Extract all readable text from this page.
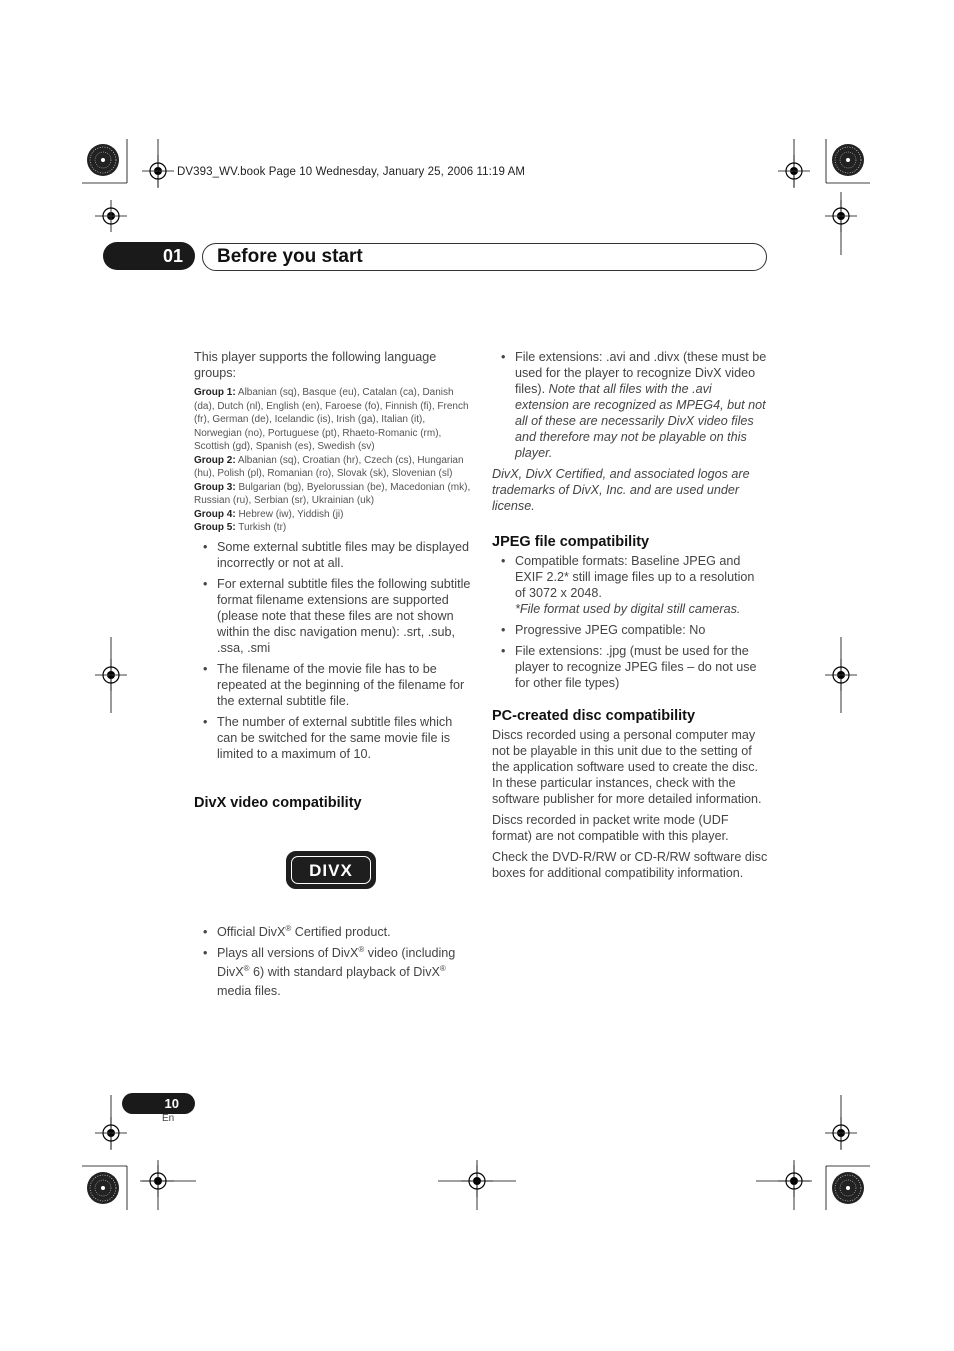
DV393_WV.book Page 10 Wednesday, January 25, 2006 11:19 AM
01	Before you start

This player supports the following language groups:

Group 1: Albanian (sq), Basque (eu), Catalan (ca), Danish (da), Dutch (nl), English (en), Faroese (fo), Finnish (fi), French (fr), German (de), Icelandic (is), Irish (ga), Italian (it), Norwegian (no), Portuguese (pt), Rhaeto-Romanic (rm), Scottish (gd), Spanish (es), Swedish (sv)
Group 2: Albanian (sq), Croatian (hr), Czech (cs), Hungarian (hu), Polish (pl), Romanian (ro), Slovak (sk), Slovenian (sl)
Group 3: Bulgarian (bg), Byelorussian (be), Macedonian (mk), Russian (ru), Serbian (sr), Ukrainian (uk)
Group 4: Hebrew (iw), Yiddish (ji)
Group 5: Turkish (tr)
• Some external subtitle files may be displayed incorrectly or not at all.
• For external subtitle files the following subtitle format filename extensions are supported (please note that these files are not shown within the disc navigation menu): .srt, .sub, .ssa, .smi
• The filename of the movie file has to be repeated at the beginning of the filename for the external subtitle file.
• The number of external subtitle files which can be switched for the same movie file is limited to a maximum of 10.
DivX video compatibility
DIVX
• Official DivX® Certified product.
• Plays all versions of DivX® video (including DivX® 6) with standard playback of DivX® media files.
• File extensions: .avi and .divx (these must be used for the player to recognize DivX video files). Note that all files with the .avi extension are recognized as MPEG4, but not all of these are necessarily DivX video files and therefore may not be playable on this player.

DivX, DivX Certified, and associated logos are trademarks of DivX, Inc. and are used under license.

JPEG file compatibility
• Compatible formats: Baseline JPEG and EXIF 2.2* still image files up to a resolution of 3072 x 2048.
*File format used by digital still cameras.
• Progressive JPEG compatible: No
• File extensions: .jpg (must be used for the player to recognize JPEG files – do not use for other file types)
PC-created disc compatibility

Discs recorded using a personal computer may not be playable in this unit due to the setting of the application software used to create the disc. In these particular instances, check with the software publisher for more detailed information.

Discs recorded in packet write mode (UDF format) are not compatible with this player.

Check the DVD-R/RW or CD-R/RW software disc boxes for additional compatibility information.

10
En
